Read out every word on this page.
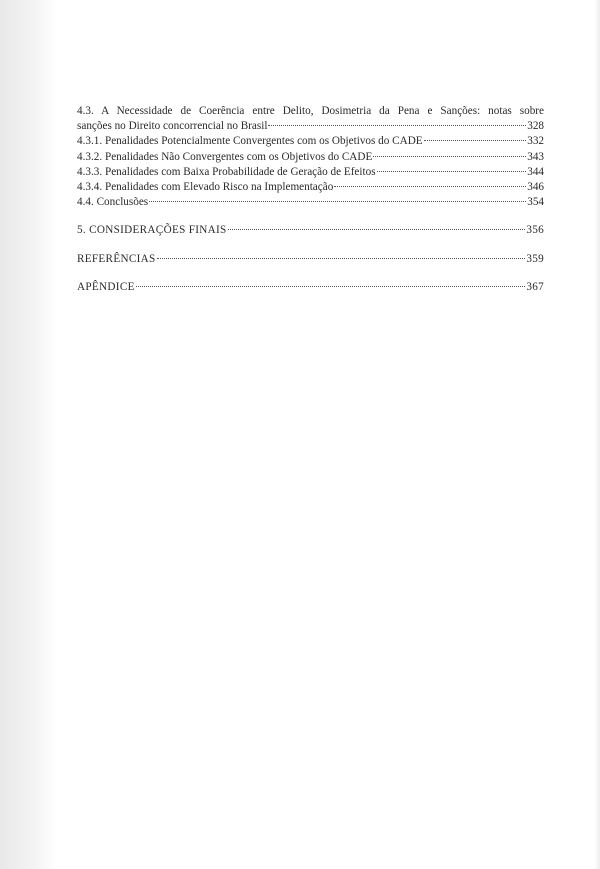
4.3. A Necessidade de Coerência entre Delito, Dosimetria da Pena e Sanções: notas sobre
sanções no Direito concorrencial no Brasil	328
4.3.1. Penalidades Potencialmente Convergentes com os Objetivos do CADE	332
4.3.2. Penalidades Não Convergentes com os Objetivos do CADE	343
4.3.3. Penalidades com Baixa Probabilidade de Geração de Efeitos	344
4.3.4. Penalidades com Elevado Risco na Implementação	346
4.4. Conclusões	354
5. CONSIDERAÇÕES FINAIS	356
REFERÊNCIAS	359
APÊNDICE	367
